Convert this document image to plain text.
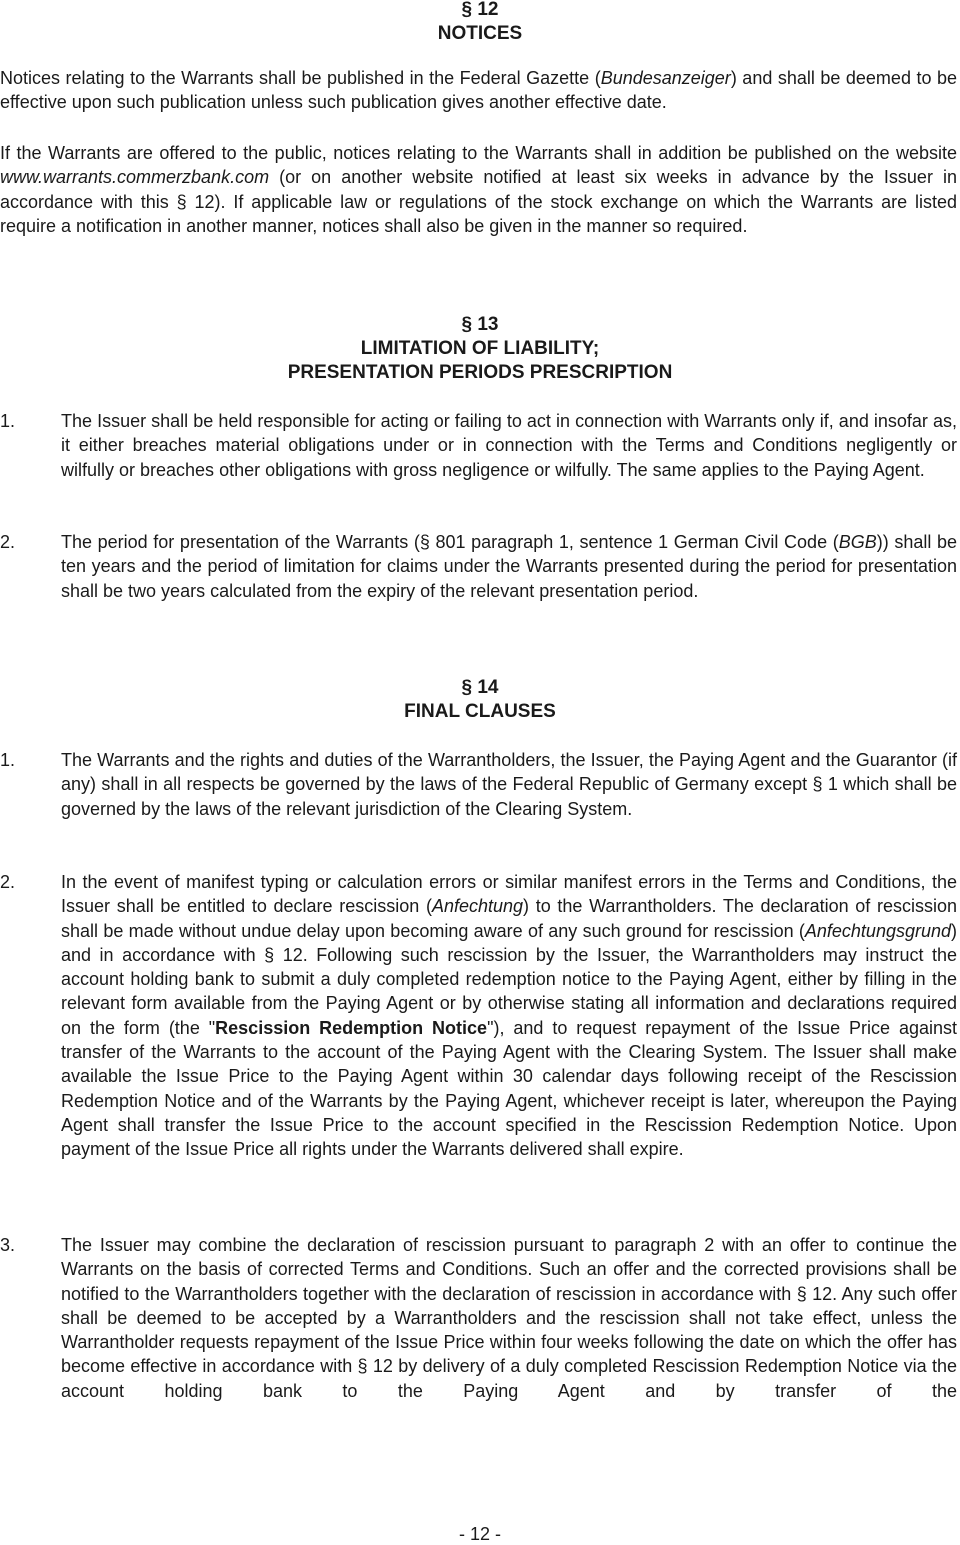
§ 12
NOTICES

Notices relating to the Warrants shall be published in the Federal Gazette (Bundesanzeiger) and shall be deemed to be effective upon such publication unless such publication gives another effective date.

If the Warrants are offered to the public, notices relating to the Warrants shall in addition be published on the website www.warrants.commerzbank.com (or on another website notified at least six weeks in advance by the Issuer in accordance with this § 12). If applicable law or regulations of the stock exchange on which the Warrants are listed require a notification in another manner, notices shall also be given in the manner so required.

§ 13
LIMITATION OF LIABILITY;
PRESENTATION PERIODS PRESCRIPTION
1.	The Issuer shall be held responsible for acting or failing to act in connection with Warrants only if, and insofar as, it either breaches material obligations under or in connection with the Terms and Conditions negligently or wilfully or breaches other obligations with gross negligence or wilfully. The same applies to the Paying Agent.
2.	The period for presentation of the Warrants (§ 801 paragraph 1, sentence 1 German Civil Code (BGB)) shall be ten years and the period of limitation for claims under the Warrants presented during the period for presentation shall be two years calculated from the expiry of the relevant presentation period.
§ 14
FINAL CLAUSES
1.	The Warrants and the rights and duties of the Warrantholders, the Issuer, the Paying Agent and the Guarantor (if any) shall in all respects be governed by the laws of the Federal Republic of Germany except § 1 which shall be governed by the laws of the relevant jurisdiction of the Clearing System.
2.	In the event of manifest typing or calculation errors or similar manifest errors in the Terms and Conditions, the Issuer shall be entitled to declare rescission (Anfechtung) to the Warrantholders. The declaration of rescission shall be made without undue delay upon becoming aware of any such ground for rescission (Anfechtungsgrund) and in accordance with § 12. Following such rescission by the Issuer, the Warrantholders may instruct the account holding bank to submit a duly completed redemption notice to the Paying Agent, either by filling in the relevant form available from the Paying Agent or by otherwise stating all information and declarations required on the form (the "Rescission Redemption Notice"), and to request repayment of the Issue Price against transfer of the Warrants to the account of the Paying Agent with the Clearing System. The Issuer shall make available the Issue Price to the Paying Agent within 30 calendar days following receipt of the Rescission Redemption Notice and of the Warrants by the Paying Agent, whichever receipt is later, whereupon the Paying Agent shall transfer the Issue Price to the account specified in the Rescission Redemption Notice. Upon payment of the Issue Price all rights under the Warrants delivered shall expire.
3.	The Issuer may combine the declaration of rescission pursuant to paragraph 2 with an offer to continue the Warrants on the basis of corrected Terms and Conditions. Such an offer and the corrected provisions shall be notified to the Warrantholders together with the declaration of rescission in accordance with § 12. Any such offer shall be deemed to be accepted by a Warrantholders and the rescission shall not take effect, unless the Warrantholder requests repayment of the Issue Price within four weeks following the date on which the offer has become effective in accordance with § 12 by delivery of a duly completed Rescission Redemption Notice via the account holding bank to the Paying Agent and by transfer of the
- 12 -
